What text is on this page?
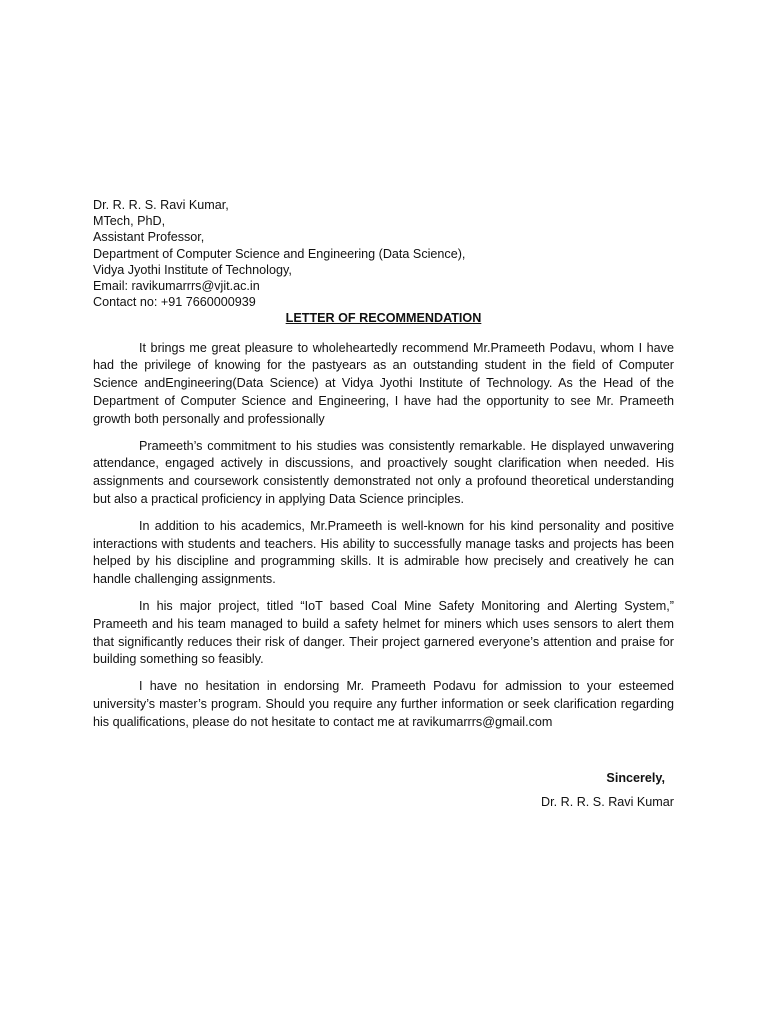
Dr. R. R. S. Ravi Kumar,
MTech, PhD,
Assistant Professor,
Department of Computer Science and Engineering (Data Science),
Vidya Jyothi Institute of Technology,
Email: ravikumarrrs@vjit.ac.in
Contact no: +91 7660000939
LETTER OF RECOMMENDATION

It brings me great pleasure to wholeheartedly recommend Mr.Prameeth Podavu, whom I have had the privilege of knowing for the pastyears as an outstanding student in the field of Computer Science andEngineering(Data Science) at Vidya Jyothi Institute of Technology. As the Head of the Department of Computer Science and Engineering, I have had the opportunity to see Mr. Prameeth growth both personally and professionally

Prameeth’s commitment to his studies was consistently remarkable. He displayed unwavering attendance, engaged actively in discussions, and proactively sought clarification when needed. His assignments and coursework consistently demonstrated not only a profound theoretical understanding but also a practical proficiency in applying Data Science principles.

In addition to his academics, Mr.Prameeth is well-known for his kind personality and positive interactions with students and teachers. His ability to successfully manage tasks and projects has been helped by his discipline and programming skills. It is admirable how precisely and creatively he can handle challenging assignments.

In his major project, titled “IoT based Coal Mine Safety Monitoring and Alerting System,” Prameeth and his team managed to build a safety helmet for miners which uses sensors to alert them that significantly reduces their risk of danger. Their project garnered everyone’s attention and praise for building something so feasibly.

I have no hesitation in endorsing Mr. Prameeth Podavu for admission to your esteemed university’s master’s program. Should you require any further information or seek clarification regarding his qualifications, please do not hesitate to contact me at ravikumarrrs@gmail.com

Sincerely,
Dr. R. R. S. Ravi Kumar
